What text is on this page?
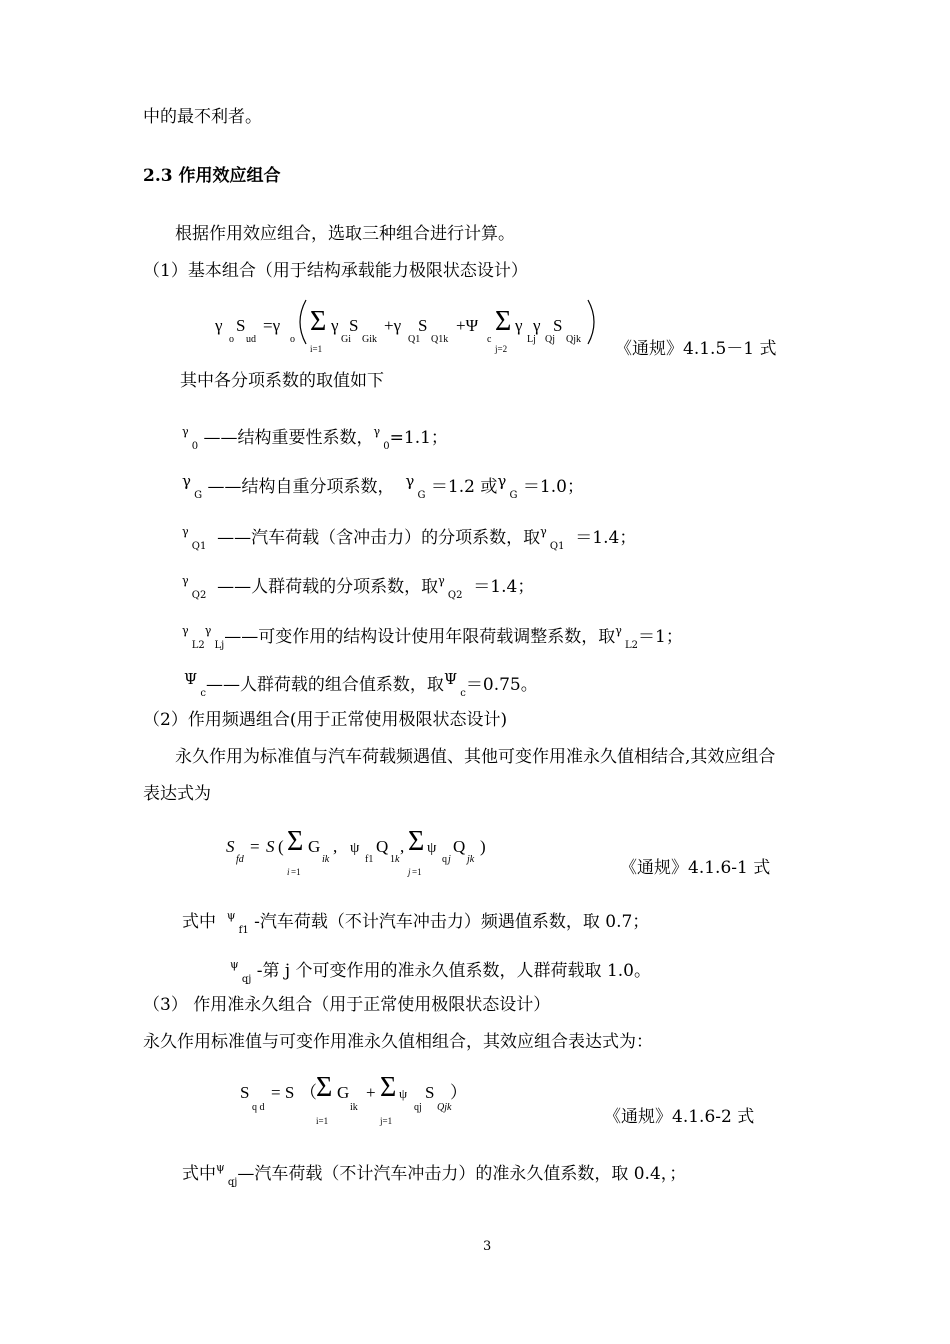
中的最不利者。
2.3 作用效应组合
根据作用效应组合，选取三种组合进行计算。
（1）基本组合（用于结构承载能力极限状态设计）
γ
o
S
ud
=γ
o
Σ
i=1
γ
Gi
S
Gik
+γ
Q1
S
Q1k
+Ψ
c
Σ
j=2
γ
Lj
γ
Qj
S
Qjk 《通规》4.1.5－1 式
其中各分项系数的取值如下
$^\gamma$ $_0$ ——结构重要性系数，$^\gamma$ $_0$=1.1；
γ $_G$ ——结构自重分项系数， γ $_G$ ＝1.2 或γ $_G$ ＝1.0；
$^\gamma$ $_{Q1}$ ——汽车荷载（含冲击力）的分项系数，取$^\gamma$ $_{Q1}$ ＝1.4；
$^\gamma$ $_{Q2}$ ——人群荷载的分项系数，取$^\gamma$ $_{Q2}$ ＝1.4；
$^\gamma$ $_{L2}^\gamma$ $_{Lj}$——可变作用的结构设计使用年限荷载调整系数，取$^\gamma$ $_{L2}$＝1；
Ψ $_c$——人群荷载的组合值系数，取Ψ $_c$＝0.75。
（2）作用频遇组合(用于正常使用极限状态设计)
永久作用为标准值与汽车荷载频遇值、其他可变作用准永久值相结合,其效应组合
表达式为
S
fd
= S ( Σ
i =1
G
ik
, ψ
f1
Q
1 k
, Σ
j =1
ψ
q j
Q
jk
)
《通规》4.1.6-1 式
式中 $^\psi$ $_{f1}$ -汽车荷载（不计汽车冲击力）频遇值系数，取 0.7；
$^\psi$ $_{qj}$ -第 j 个可变作用的准永久值系数，人群荷载取 1.0。
（3） 作用准永久组合（用于正常使用极限状态设计）
永久作用标准值与可变作用准永久值相组合，其效应组合表达式为：
S
q d
= S （ Σ
i=1
G
ik
+ Σ
j=1
ψ
qj
S
Qjk
）
《通规》4.1.6-2 式
式中$^\psi$ $_{qj}$—汽车荷载（不计汽车冲击力）的准永久值系数，取 0.4，；
3
